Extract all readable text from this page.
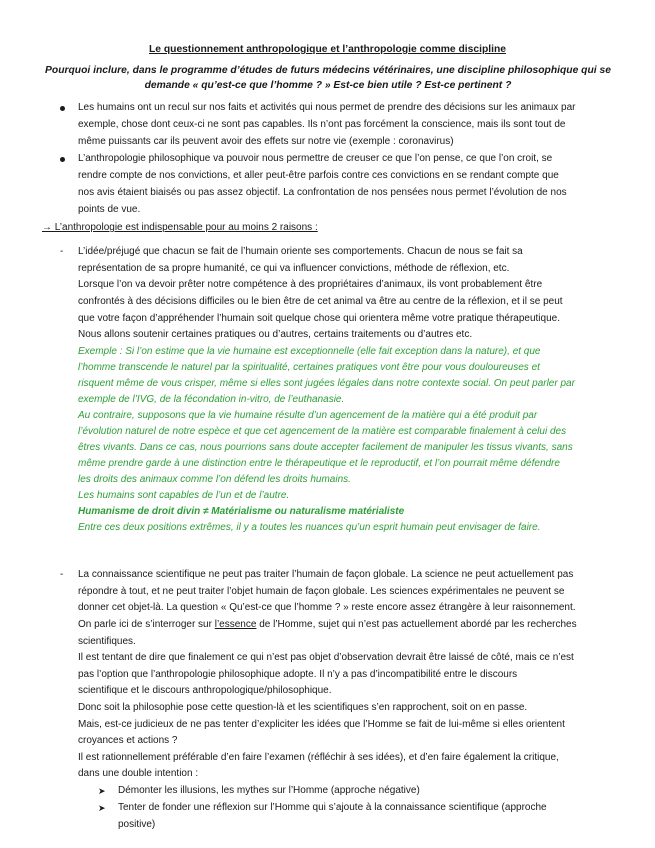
Le questionnement anthropologique et l’anthropologie comme discipline
Pourquoi inclure, dans le programme d’études de futurs médecins vétérinaires, une discipline philosophique qui se demande « qu’est-ce que l’homme ? » Est-ce bien utile ? Est-ce pertinent ?
Les humains ont un recul sur nos faits et activités qui nous permet de prendre des décisions sur les animaux par
exemple, chose dont ceux-ci ne sont pas capables. Ils n’ont pas forcément la conscience, mais ils sont tout de
même puissants car ils peuvent avoir des effets sur notre vie (exemple : coronavirus)
L’anthropologie philosophique va pouvoir nous permettre de creuser ce que l’on pense, ce que l’on croit, se
rendre compte de nos convictions, et aller peut-être parfois contre ces convictions en se rendant compte que
nos avis étaient biaisés ou pas assez objectif. La confrontation de nos pensées nous permet l’évolution de nos
points de vue.
→ L’anthropologie est indispensable pour au moins 2 raisons :
- L’idée/préjugé que chacun se fait de l’humain oriente ses comportements. Chacun de nous se fait sa
représentation de sa propre humanité, ce qui va influencer convictions, méthode de réflexion, etc.
Lorsque l’on va devoir prêter notre compétence à des propriétaires d’animaux, ils vont probablement être
confrontés à des décisions difficiles ou le bien être de cet animal va être au centre de la réflexion, et il se peut
que votre façon d’appréhender l’humain soit quelque chose qui orientera même votre pratique thérapeutique.
Nous allons soutenir certaines pratiques ou d’autres, certains traitements ou d’autres etc.
Exemple : Si l’on estime que la vie humaine est exceptionnelle (elle fait exception dans la nature), et que
l’homme transcende le naturel par la spiritualité, certaines pratiques vont être pour vous douloureuses et
risquent même de vous crisper, même si elles sont jugées légales dans notre contexte social. On peut parler par
exemple de l’IVG, de la fécondation in-vitro, de l’euthanasie.
Au contraire, supposons que la vie humaine résulte d’un agencement de la matière qui a été produit par
l’évolution naturel de notre espèce et que cet agencement de la matière est comparable finalement à celui des
êtres vivants. Dans ce cas, nous pourrions sans doute accepter facilement de manipuler les tissus vivants, sans
même prendre garde à une distinction entre le thérapeutique et le reproductif, et l’on pourrait même défendre
les droits des animaux comme l’on défend les droits humains.
Les humains sont capables de l’un et de l’autre.
Humanisme de droit divin ≠ Matérialisme ou naturalisme matérialiste
Entre ces deux positions extrêmes, il y a toutes les nuances qu’un esprit humain peut envisager de faire.
- La connaissance scientifique ne peut pas traiter l’humain de façon globale. La science ne peut actuellement pas
répondre à tout, et ne peut traiter l’objet humain de façon globale. Les sciences expérimentales ne peuvent se
donner cet objet-là. La question « Qu’est-ce que l’homme ? » reste encore assez étrangère à leur raisonnement.
On parle ici de s’interroger sur l’essence de l’Homme, sujet qui n’est pas actuellement abordé par les recherches
scientifiques.
Il est tentant de dire que finalement ce qui n’est pas objet d’observation devrait être laissé de côté, mais ce n’est
pas l’option que l’anthropologie philosophique adopte. Il n’y a pas d’incompatibilité entre le discours
scientifique et le discours anthropologique/philosophique.
Donc soit la philosophie pose cette question-là et les scientifiques s’en rapprochent, soit on en passe.
Mais, est-ce judicieux de ne pas tenter d’expliciter les idées que l’Homme se fait de lui-même si elles orientent
croyances et actions ?
Il est rationnellement préférable d’en faire l’examen (réfléchir à ses idées), et d’en faire également la critique,
dans une double intention :
➤ Démonter les illusions, les mythes sur l’Homme (approche négative)
➤ Tenter de fonder une réflexion sur l’Homme qui s’ajoute à la connaissance scientifique (approche
positive)
